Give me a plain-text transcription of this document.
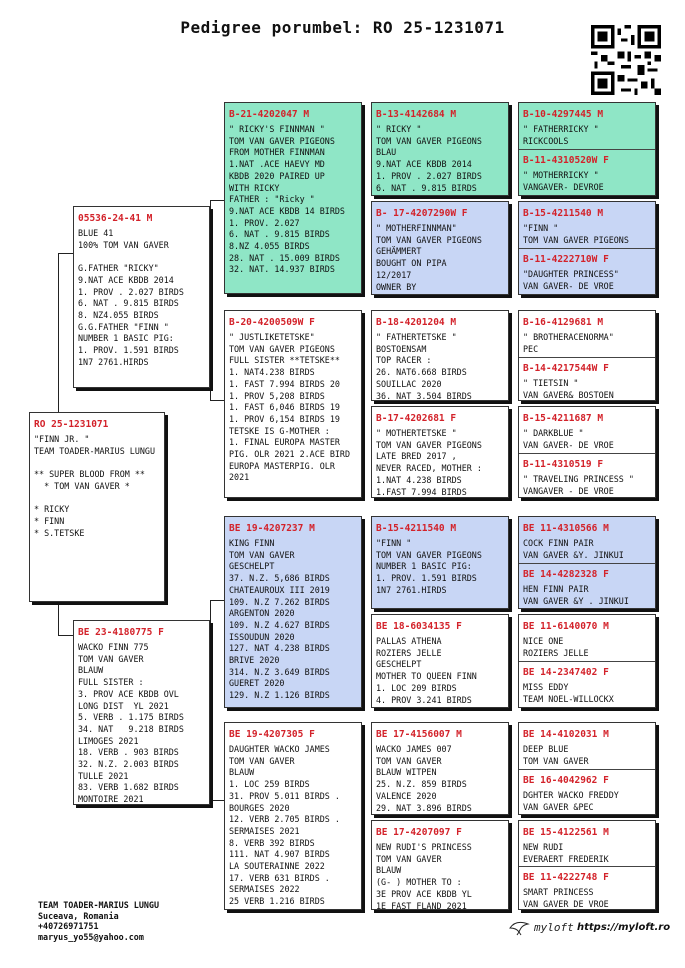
Pedigree porumbel: RO 25-1231071
RO 25-1231071
"FINN JR. "
TEAM TOADER-MARIUS LUNGU

** SUPER BLOOD FROM **
* TOM VAN GAVER *

* RICKY
* FINN
* S.TETSKE
05536-24-41 M
BLUE 41
100% TOM VAN GAVER

G.FATHER "RICKY"
9.NAT ACE KBDB 2014
1. PROV . 2.027 BIRDS
6. NAT . 9.815 BIRDS
8. NZ4.055 BIRDS
G.G.FATHER "FINN "
NUMBER 1 BASIC PIG:
1. PROV. 1.591 BIRDS
1N7 2761.HIRDS
BE 23-4180775 F
WACKO FINN 775
TOM VAN GAVER
BLAUW
FULL SISTER :
3. PROV ACE KBDB OVL
LONG DIST  YL 2021
5. VERB . 1.175 BIRDS
34. NAT   9.218 BIRDS
LIMOGES 2021
18. VERB . 903 BIRDS
32. N.Z. 2.003 BIRDS
TULLE 2021
83. VERB 1.682 BIRDS
MONTOIRE 2021
B-21-4202047 M
" RICKY'S FINNMAN "
TOM VAN GAVER PIGEONS
FROM MOTHER FINNMAN
1.NAT .ACE HAEVY MD
KBDB 2020 PAIRED UP
WITH RICKY
FATHER : "Ricky "
9.NAT ACE KBDB 14 BIRDS
1. PROV. 2.027
6. NAT . 9.815 BIRDS
8.NZ 4.055 BIRDS
28. NAT . 15.009 BIRDS
32. NAT. 14.937 BIRDS
B-20-4200509W F
" JUSTLIKETETSKE"
TOM VAN GAVER PIGEONS
FULL SISTER **TETSKE**
1. NAT4.238 BIRDS
1. FAST 7.994 BIRDS 20
1. PROV 5,208 BIRDS
1. FAST 6,046 BIRDS 19
1. PROV 6,154 BIRDS 19
TETSKE IS G-MOTHER :
1. FINAL EUROPA MASTER
PIG. OLR 2021 2.ACE BIRD
EUROPA MASTERPIG. OLR
2021
BE 19-4207237 M
KING FINN
TOM VAN GAVER
GESCHELPT
37. N.Z. 5,686 BIRDS
CHATEAUROUX III 2019
109. N.Z 7.262 BIRDS
ARGENTON 2020
109. N.Z 4.627 BIRDS
ISSOUDUN 2020
127. NAT 4.238 BIRDS
BRIVE 2020
314. N.Z 3.649 BIRDS
GUERET 2020
129. N.Z 1.126 BIRDS
BE 19-4207305 F
DAUGHTER WACKO JAMES
TOM VAN GAVER
BLAUW
1. LOC 259 BIRDS
31. PROV 5.011 BIRDS .
BOURGES 2020
12. VERB 2.705 BIRDS .
SERMAISES 2021
8. VERB 392 BIRDS
111. NAT 4.907 BIRDS
LA SOUTERAINNE 2022
17. VERB 631 BIRDS .
SERMAISES 2022
25 VERB 1.216 BIRDS
B-13-4142684 M
" RICKY "
TOM VAN GAVER PIGEONS
BLAU
9.NAT ACE KBDB 2014
1. PROV . 2.027 BIRDS
6. NAT . 9.815 BIRDS
B- 17-4207290W F
" MOTHERFINNMAN"
TOM VAN GAVER PIGEONS
GEHÄMMERT
BOUGHT ON PIPA
12/2017
OWNER BY
B-18-4201204 M
" FATHERTETSKE "
BOSTOENSAM
TOP RACER :
26. NAT6.668 BIRDS
SOUILLAC 2020
36. NAT 3.504 BIRDS
B-17-4202681 F
" MOTHERTETSKE "
TOM VAN GAVER PIGEONS
LATE BRED 2017 ,
NEVER RACED, MOTHER :
1.NAT 4.238 BIRDS
1.FAST 7.994 BIRDS
B-15-4211540 M
"FINN "
TOM VAN GAVER PIGEONS
NUMBER 1 BASIC PIG:
1. PROV. 1.591 BIRDS
1N7 2761.HIRDS
BE 18-6034135 F
PALLAS ATHENA
ROZIERS JELLE
GESCHELPT
MOTHER TO QUEEN FINN
1. LOC 209 BIRDS
4. PROV 3.241 BIRDS
BE 17-4156007 M
WACKO JAMES 007
TOM VAN GAVER
BLAUW WITPEN
25. N.Z. 859 BIRDS
VALENCE 2020
29. NAT 3.896 BIRDS
BE 17-4207097 F
NEW RUDI'S PRINCESS
TOM VAN GAVER
BLAUW
(G- ) MOTHER TO :
3E PROV ACE KBDB YL
1E FAST FLAND 2021
B-10-4297445 M
" FATHERRICKY "
RICKCOOLS
B-11-4310520W F
" MOTHERRICKY "
VANGAVER- DEVROE
B-15-4211540 M
"FINN "
TOM VAN GAVER PIGEONS
B-11-4222710W F
"DAUGHTER PRINCESS"
VAN GAVER- DE VROE
B-16-4129681 M
" BROTHERACENORMA"
PEC
B-14-4217544W F
" TIETSIN "
VAN GAVER& BOSTOEN
B-15-4211687 M
" DARKBLUE "
VAN GAVER- DE VROE
B-11-4310519 F
" TRAVELING PRINCESS "
VANGAVER - DE VROE
BE 11-4310566 M
COCK FINN PAIR
VAN GAVER &Y. JINKUI
BE 14-4282328 F
HEN FINN PAIR
VAN GAVER &Y . JINKUI
BE 11-6140070 M
NICE ONE
ROZIERS JELLE
BE 14-2347402 F
MISS EDDY
TEAM NOEL-WILLOCKX
BE 14-4102031 M
DEEP BLUE
TOM VAN GAVER
BE 16-4042962 F
DGHTER WACKO FREDDY
VAN GAVER &PEC
BE 15-4122561 M
NEW RUDI
EVERAERT FREDERIK
BE 11-4222748 F
SMART PRINCESS
VAN GAVER DE VROE
TEAM TOADER-MARIUS LUNGU
Suceava, Romania
+40726971751
maryus_yo55@yahoo.com
myloft https://myloft.ro
